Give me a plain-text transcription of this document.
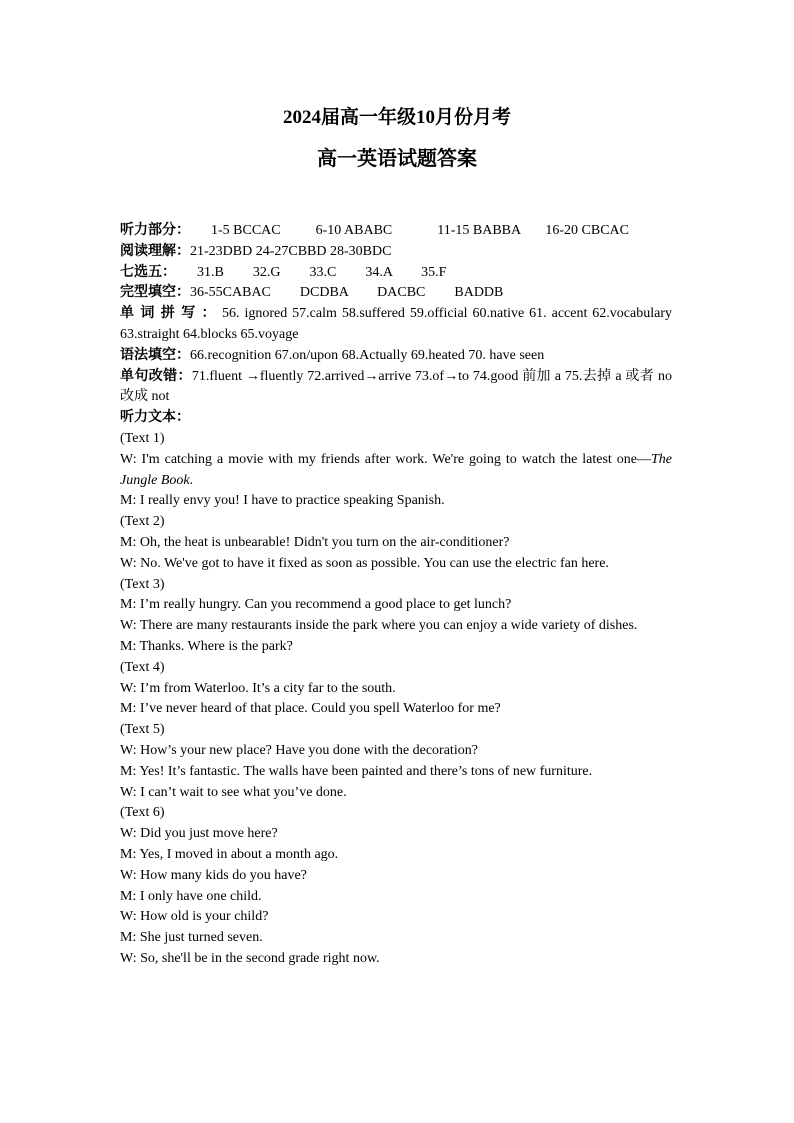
2024届高一年级10月份月考
高一英语试题答案

听力部分： 1-5 BCCAC	6-10 ABABC	11-15 BABBA 16-20 CBCAC

阅读理解：21-23DBD 24-27CBBD 28-30BDC

七选五： 31.B 32.G 33.C 34.A 35.F

完型填空：36-55CABAC DCDBA DACBC BADDB

单 词 拼 写 ： 56. ignored 57.calm 58.suffered 59.official 60.native 61. accent 62.vocabulary 63.straight 64.blocks 65.voyage

语法填空：66.recognition 67.on/upon 68.Actually 69.heated 70. have seen

单句改错：71.fluent →fluently 72.arrived→arrive 73.of→to 74.good 前加 a 75.去掉 a 或者 no 改成 not

听力文本：

(Text 1)

W: I'm catching a movie with my friends after work. We're going to watch the latest one—The Jungle Book.

M: I really envy you! I have to practice speaking Spanish.

(Text 2)

M: Oh, the heat is unbearable! Didn't you turn on the air-conditioner?

W: No. We've got to have it fixed as soon as possible. You can use the electric fan here.

(Text 3)

M: I’m really hungry. Can you recommend a good place to get lunch?

W: There are many restaurants inside the park where you can enjoy a wide variety of dishes.

M: Thanks. Where is the park?

(Text 4)

W: I’m from Waterloo. It’s a city far to the south.

M: I’ve never heard of that place. Could you spell Waterloo for me?

(Text 5)

W: How’s your new place? Have you done with the decoration?

M: Yes! It’s fantastic. The walls have been painted and there’s tons of new furniture.

W: I can’t wait to see what you’ve done.

(Text 6)

W: Did you just move here?

M: Yes, I moved in about a month ago.

W: How many kids do you have?

M: I only have one child.

W: How old is your child?

M: She just turned seven.

W: So, she'll be in the second grade right now.
